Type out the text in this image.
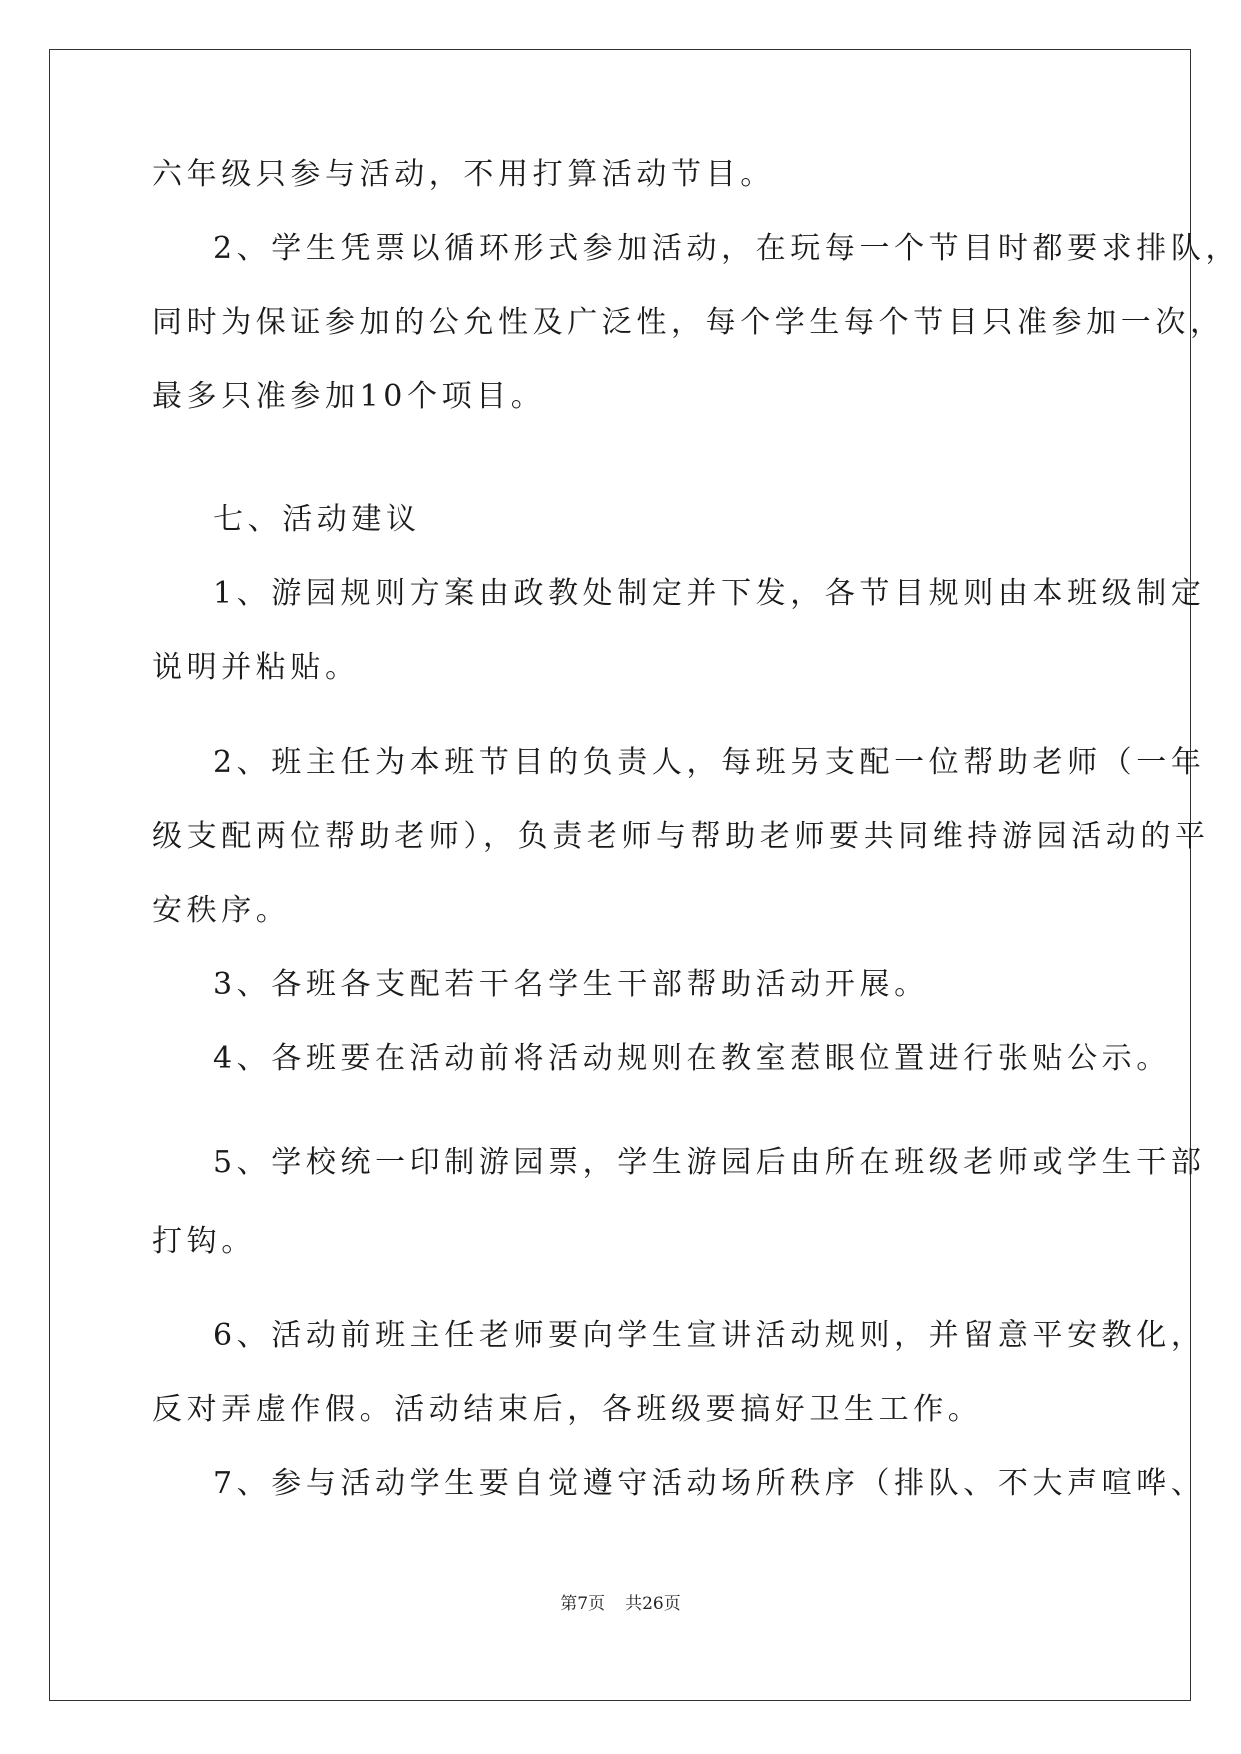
六年级只参与活动，不用打算活动节目。
2、学生凭票以循环形式参加活动，在玩每一个节目时都要求排队，
同时为保证参加的公允性及广泛性，每个学生每个节目只准参加一次，
最多只准参加10个项目。
七、活动建议
1、游园规则方案由政教处制定并下发，各节目规则由本班级制定
说明并粘贴。
2、班主任为本班节目的负责人，每班另支配一位帮助老师（一年
级支配两位帮助老师），负责老师与帮助老师要共同维持游园活动的平
安秩序。
3、各班各支配若干名学生干部帮助活动开展。
4、各班要在活动前将活动规则在教室惹眼位置进行张贴公示。
5、学校统一印制游园票，学生游园后由所在班级老师或学生干部
打钩。
6、活动前班主任老师要向学生宣讲活动规则，并留意平安教化，
反对弄虚作假。活动结束后，各班级要搞好卫生工作。
7、参与活动学生要自觉遵守活动场所秩序（排队、不大声喧哗、
第7页 共26页
